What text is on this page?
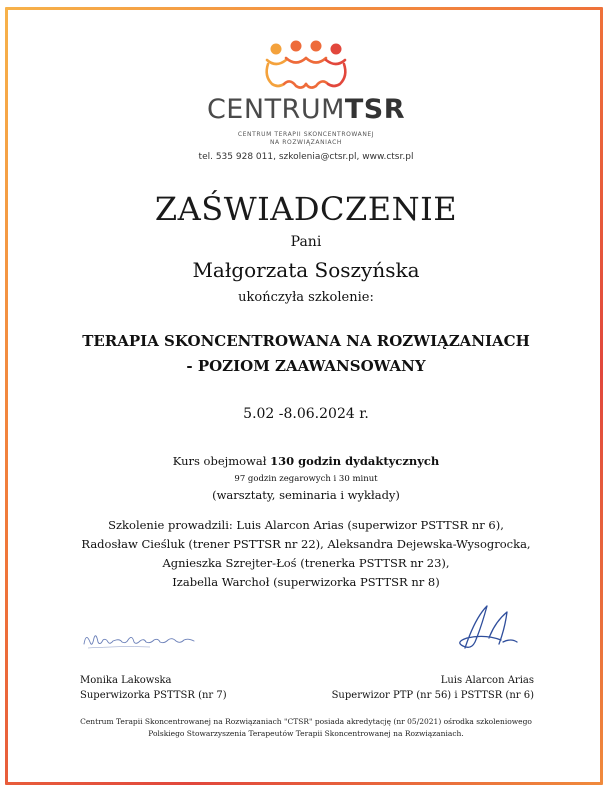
CENTRUMTSR
CENTRUM TERAPII SKONCENTROWANEJ
NA ROZWIĄZANIACH
tel. 535 928 011, szkolenia@ctsr.pl, www.ctsr.pl
ZAŚWIADCZENIE
Pani
Małgorzata Soszyńska
ukończyła szkolenie:
TERAPIA SKONCENTROWANA NA ROZWIĄZANIACH
- POZIOM ZAAWANSOWANY
5.02 -8.06.2024 r.
Kurs obejmował 130 godzin dydaktycznych
97 godzin zegarowych i 30 minut
(warsztaty, seminaria i wykłady)
Szkolenie prowadzili: Luis Alarcon Arias (superwizor PSTTSR nr 6),
Radosław Cieśluk (trener PSTTSR nr 22), Aleksandra Dejewska-Wysogrocka,
Agnieszka Szrejter-Łoś (trenerka PSTTSR nr 23),
Izabella Warchoł (superwizorka PSTTSR nr 8)
Monika Lakowska
Superwizorka PSTTSR (nr 7)
Luis Alarcon Arias
Superwizor PTP (nr 56) i PSTTSR (nr 6)
Centrum Terapii Skoncentrowanej na Rozwiązaniach "CTSR" posiada akredytację (nr 05/2021) ośrodka szkoleniowego
Polskiego Stowarzyszenia Terapeutów Terapii Skoncentrowanej na Rozwiązaniach.
